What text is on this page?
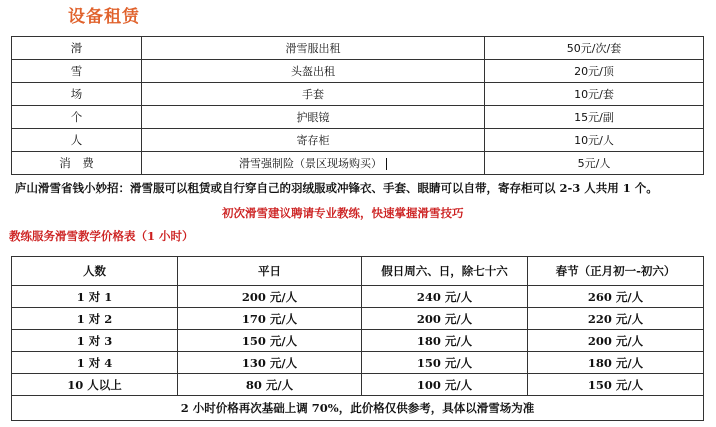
设备租赁
滑	滑雪服出租	50元/次/套
雪	头盔出租	20元/顶
场	手套	10元/套
个	护眼镜	15元/副
人	寄存柜	10元/人
消　费	滑雪强制险（景区现场购买）	5元/人
庐山滑雪省钱小妙招：滑雪服可以租赁或自行穿自己的羽绒服或冲锋衣、手套、眼睛可以自带，寄存柜可以 2-3 人共用 1 个。
初次滑雪建议聘请专业教练，快速掌握滑雪技巧
教练服务滑雪教学价格表（1 小时）
人数	平日	假日周六、日，除七十六	春节（正月初一-初六）
1 对 1	200 元/人	240 元/人	260 元/人
1 对 2	170 元/人	200 元/人	220 元/人
1 对 3	150 元/人	180 元/人	200 元/人
1 对 4	130 元/人	150 元/人	180 元/人
10 人以上	80 元/人	100 元/人	150 元/人
2 小时价格再次基础上调 70%，此价格仅供参考，具体以滑雪场为准			
